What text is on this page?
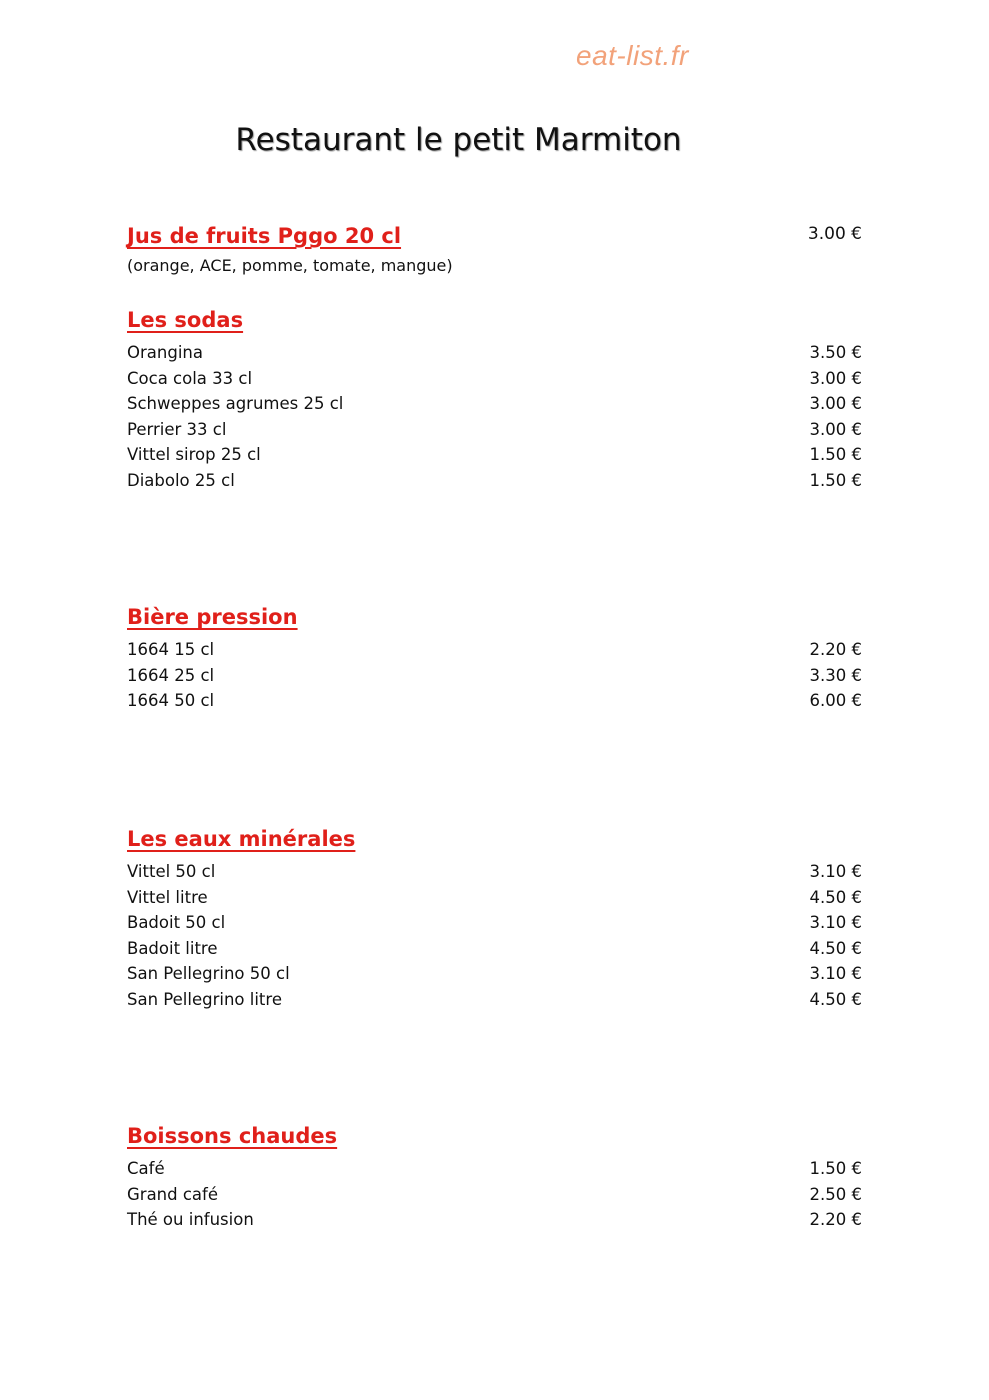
eat-list.fr
Restaurant le petit Marmiton
Jus de fruits Pggo 20 cl	3.00 €
(orange, ACE, pomme, tomate, mangue)
Les sodas
Orangina	3.50 €
Coca cola 33 cl	3.00 €
Schweppes agrumes 25 cl	3.00 €
Perrier 33 cl	3.00 €
Vittel sirop 25 cl	1.50 €
Diabolo 25 cl	1.50 €
Bière pression
1664 15 cl	2.20 €
1664 25 cl	3.30 €
1664 50 cl	6.00 €
Les eaux minérales
Vittel 50 cl	3.10 €
Vittel litre	4.50 €
Badoit 50 cl	3.10 €
Badoit litre	4.50 €
San Pellegrino 50 cl	3.10 €
San Pellegrino litre	4.50 €
Boissons chaudes
Café	1.50 €
Grand café	2.50 €
Thé ou infusion	2.20 €
